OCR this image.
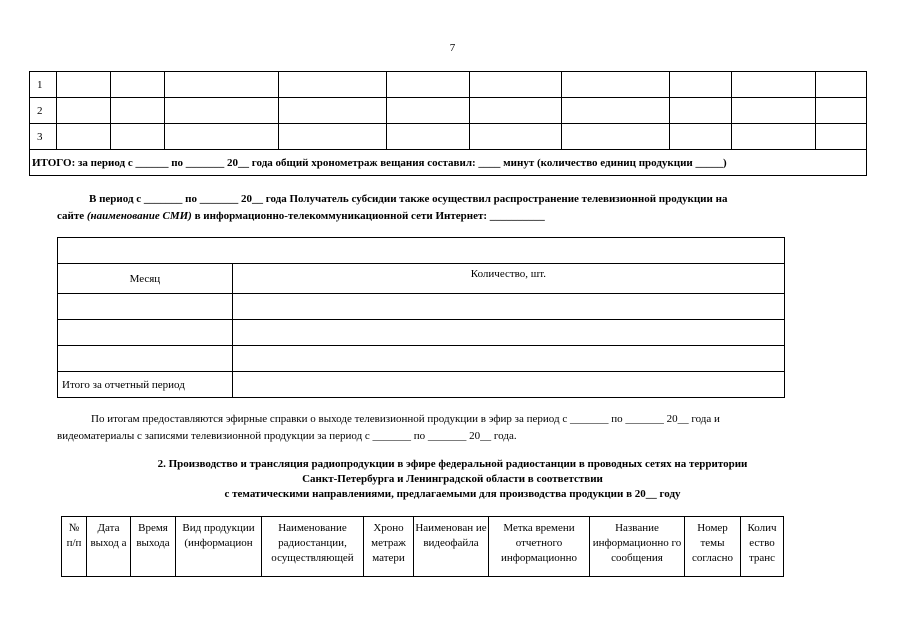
7
1										
2										
3										
ИТОГО: за период с ______ по _______ 20__ года общий хронометраж вещания составил: ____ минут (количество единиц продукции _____)										
В период с _______ по _______ 20__ года Получатель субсидии также осуществил распространение телевизионной продукции на
сайте (наименование СМИ) в информационно-телекоммуникационной сети Интернет: __________

Месяц	Количество, шт.

Итого за отчетный период	
По итогам предоставляются эфирные справки о выходе телевизионной продукции в эфир за период с _______ по _______ 20__ года и
видеоматериалы с записями телевизионной продукции за период с _______ по _______ 20__ года.
2. Производство и трансляция радиопродукции в эфире федеральной радиостанции в проводных сетях на территории
Санкт-Петербурга и Ленинградской области в соответствии
с тематическими направлениями, предлагаемыми для производства продукции в 20__ году
№ п/п	Дата выход а	Время выхода	Вид продукции (информацион	Наименование радиостанции, осуществляющей	Хроно метраж матери	Наименован ие видеофайла	Метка времени отчетного информационно	Название информационно го сообщения	Номер темы согласно	Колич ество транс
